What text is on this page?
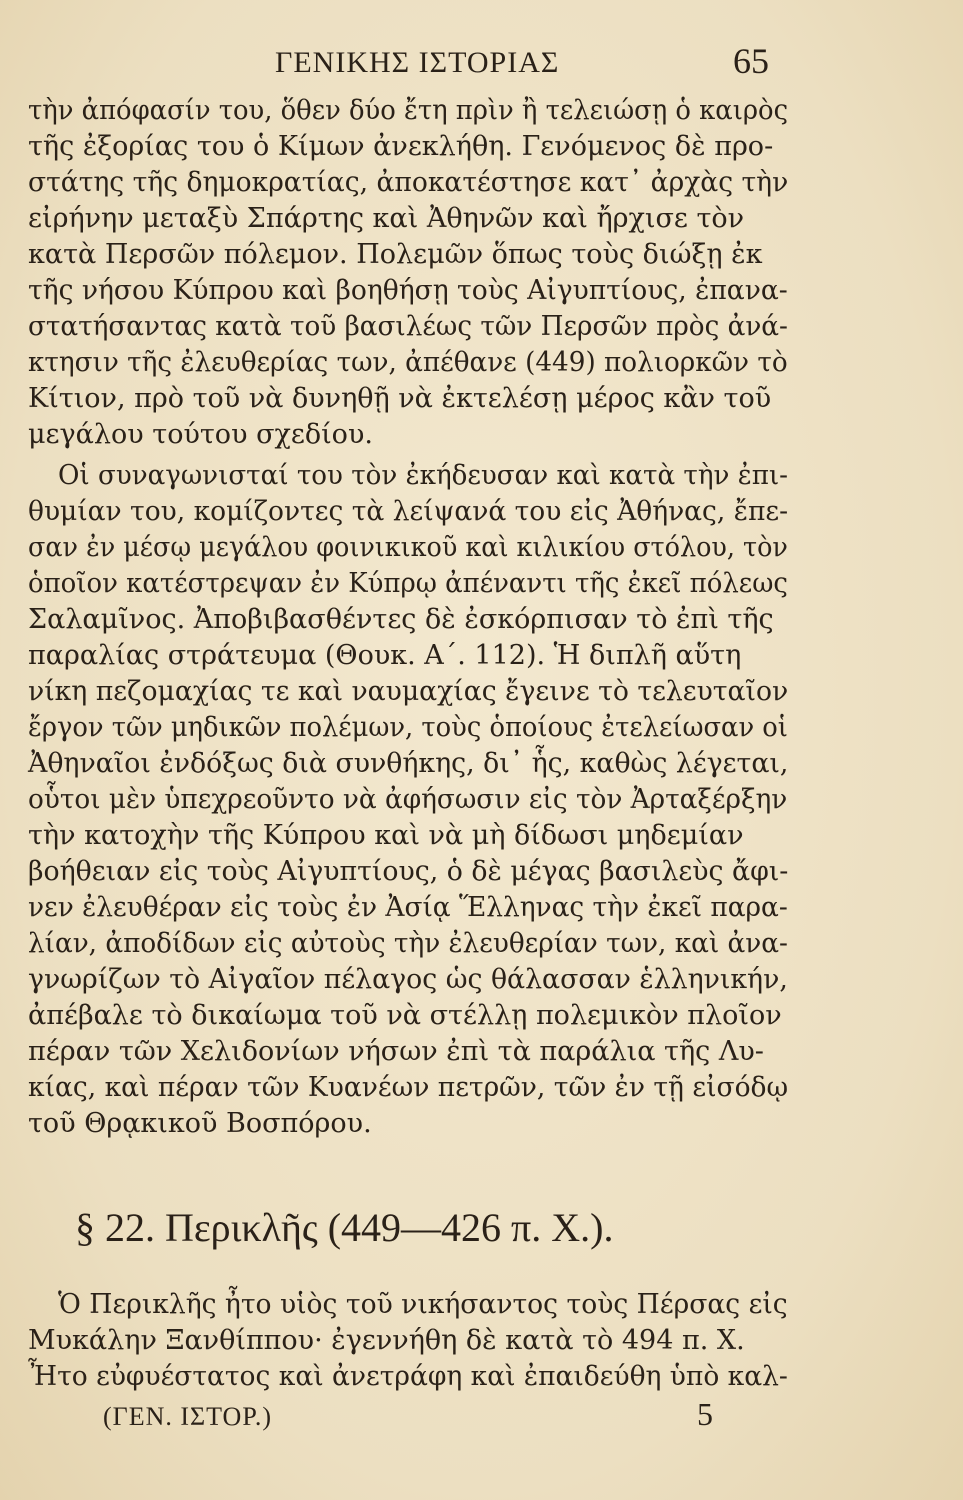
ΓΕΝΙΚΗΣ ΙΣΤΟΡΙΑΣ	65
τὴν ἀπόφασίν του, ὅθεν δύο ἔτη πρὶν ἢ τελειώσῃ ὁ καιρὸς
τῆς ἐξορίας του ὁ Κίμων ἀνεκλήθη. Γενόμενος δὲ προ-
στάτης τῆς δημοκρατίας, ἀποκατέστησε κατ᾽ ἀρχὰς τὴν
εἰρήνην μεταξὺ Σπάρτης καὶ Ἀθηνῶν καὶ ἤρχισε τὸν
κατὰ Περσῶν πόλεμον. Πολεμῶν ὅπως τοὺς διώξῃ ἐκ
τῆς νήσου Κύπρου καὶ βοηθήσῃ τοὺς Αἰγυπτίους, ἐπανα-
στατήσαντας κατὰ τοῦ βασιλέως τῶν Περσῶν πρὸς ἀνά-
κτησιν τῆς ἐλευθερίας των, ἀπέθανε (449) πολιορκῶν τὸ
Κίτιον, πρὸ τοῦ νὰ δυνηθῇ νὰ ἐκτελέσῃ μέρος κἂν τοῦ
μεγάλου τούτου σχεδίου.
Οἱ συναγωνισταί του τὸν ἐκήδευσαν καὶ κατὰ τὴν ἐπι-
θυμίαν του, κομίζοντες τὰ λείψανά του εἰς Ἀθήνας, ἔπε-
σαν ἐν μέσῳ μεγάλου φοινικικοῦ καὶ κιλικίου στόλου, τὸν
ὁποῖον κατέστρεψαν ἐν Κύπρῳ ἀπέναντι τῆς ἐκεῖ πόλεως
Σαλαμῖνος. Ἀποβιβασθέντες δὲ ἐσκόρπισαν τὸ ἐπὶ τῆς
παραλίας στράτευμα (Θουκ. Α΄. 112). Ἡ διπλῆ αὕτη
νίκη πεζομαχίας τε καὶ ναυμαχίας ἔγεινε τὸ τελευταῖον
ἔργον τῶν μηδικῶν πολέμων, τοὺς ὁποίους ἐτελείωσαν οἱ
Ἀθηναῖοι ἐνδόξως διὰ συνθήκης, δι᾽ ἧς, καθὼς λέγεται,
οὗτοι μὲν ὑπεχρεοῦντο νὰ ἀφήσωσιν εἰς τὸν Ἀρταξέρξην
τὴν κατοχὴν τῆς Κύπρου καὶ νὰ μὴ δίδωσι μηδεμίαν
βοήθειαν εἰς τοὺς Αἰγυπτίους, ὁ δὲ μέγας βασιλεὺς ἄφι-
νεν ἐλευθέραν εἰς τοὺς ἐν Ἀσίᾳ Ἕλληνας τὴν ἐκεῖ παρα-
λίαν, ἀποδίδων εἰς αὐτοὺς τὴν ἐλευθερίαν των, καὶ ἀνα-
γνωρίζων τὸ Αἰγαῖον πέλαγος ὡς θάλασσαν ἑλληνικήν,
ἀπέβαλε τὸ δικαίωμα τοῦ νὰ στέλλῃ πολεμικὸν πλοῖον
πέραν τῶν Χελιδονίων νήσων ἐπὶ τὰ παράλια τῆς Λυ-
κίας, καὶ πέραν τῶν Κυανέων πετρῶν, τῶν ἐν τῇ εἰσόδῳ
τοῦ Θρᾳκικοῦ Βοσπόρου.
§ 22. Περικλῆς (449—426 π. Χ.).
Ὁ Περικλῆς ἦτο υἱὸς τοῦ νικήσαντος τοὺς Πέρσας εἰς
Μυκάλην Ξανθίππου· ἐγεννήθη δὲ κατὰ τὸ 494 π. Χ.
Ἦτο εὐφυέστατος καὶ ἀνετράφη καὶ ἐπαιδεύθη ὑπὸ καλ-
(ΓΕΝ. ΙΣΤΟΡ.)	5
